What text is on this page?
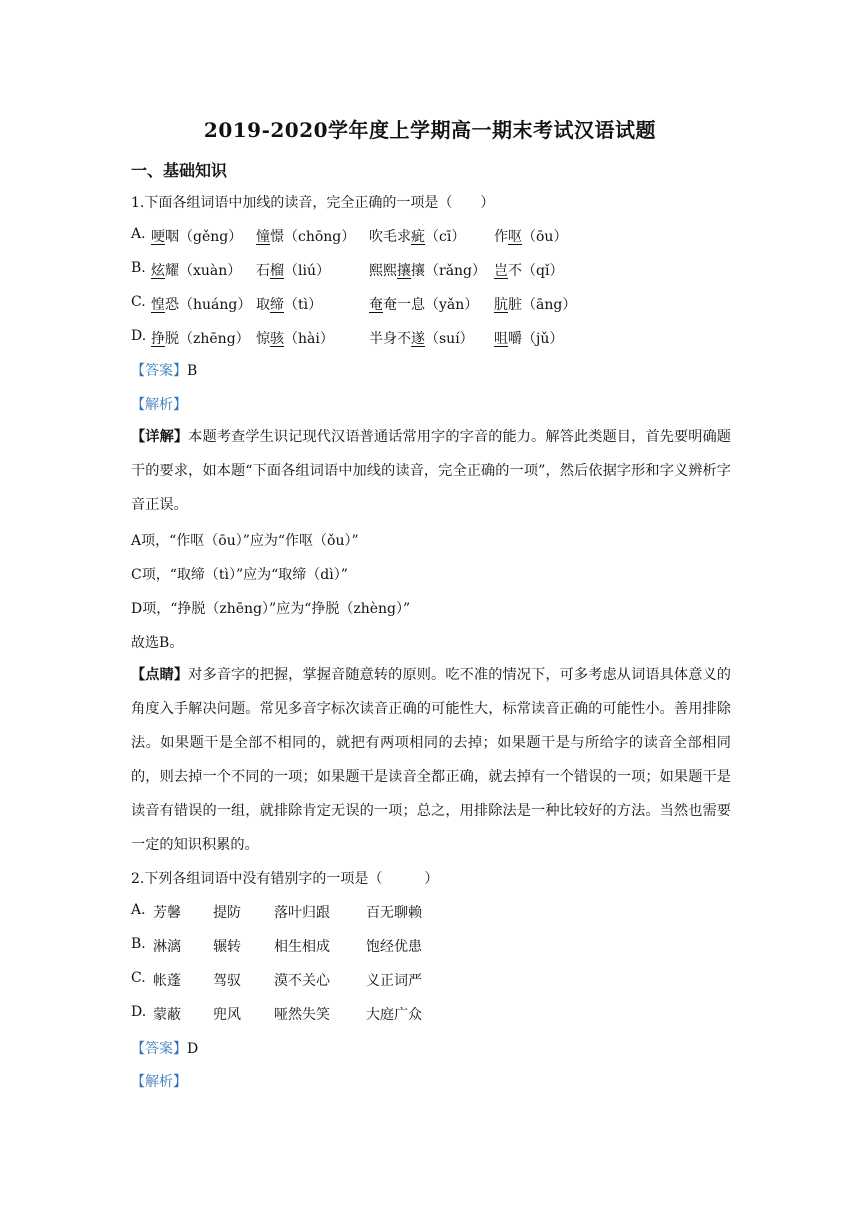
2019-2020学年度上学期高一期末考试汉语试题
一、基础知识
1.下面各组词语中加线的读音，完全正确的一项是（　　）
A. 哽咽（gěng） 憧憬（chōng） 吹毛求疵（cī） 作呕（ōu）
B. 炫耀（xuàn） 石榴（liú）	熙熙攘攘（rǎng） 岂不（qǐ）
C. 惶恐（huáng） 取缔（tì）	奄奄一息（yǎn） 肮脏（āng）
D. 挣脱（zhēng） 惊骇（hài）	半身不遂（suí） 咀嚼（jǔ）
【答案】B
【解析】
【详解】本题考查学生识记现代汉语普通话常用字的字音的能力。解答此类题目，首先要明确题干的要求，如本题“下面各组词语中加线的读音，完全正确的一项”，然后依据字形和字义辨析字音正误。
A项，“作呕（ōu）”应为“作呕（ǒu）”
C项，“取缔（tì）”应为“取缔（dì）”
D项，“挣脱（zhēng）”应为“挣脱（zhèng）”
故选B。
【点睛】对多音字的把握，掌握音随意转的原则。吃不准的情况下，可多考虑从词语具体意义的角度入手解决问题。常见多音字标次读音正确的可能性大，标常读音正确的可能性小。善用排除法。如果题干是全部不相同的，就把有两项相同的去掉；如果题干是与所给字的读音全部相同的，则去掉一个不同的一项；如果题干是读音全都正确，就去掉有一个错误的一项；如果题干是读音有错误的一组，就排除肯定无误的一项；总之，用排除法是一种比较好的方法。当然也需要一定的知识积累的。
2.下列各组词语中没有错别字的一项是（　　　）
A. 芳馨 提防 落叶归跟	百无聊赖
B. 淋漓 辗转 相生相成	饱经优患
C. 帐蓬 驾驭 漠不关心	义正词严
D. 蒙蔽 兜风 哑然失笑	大庭广众
【答案】D
【解析】
